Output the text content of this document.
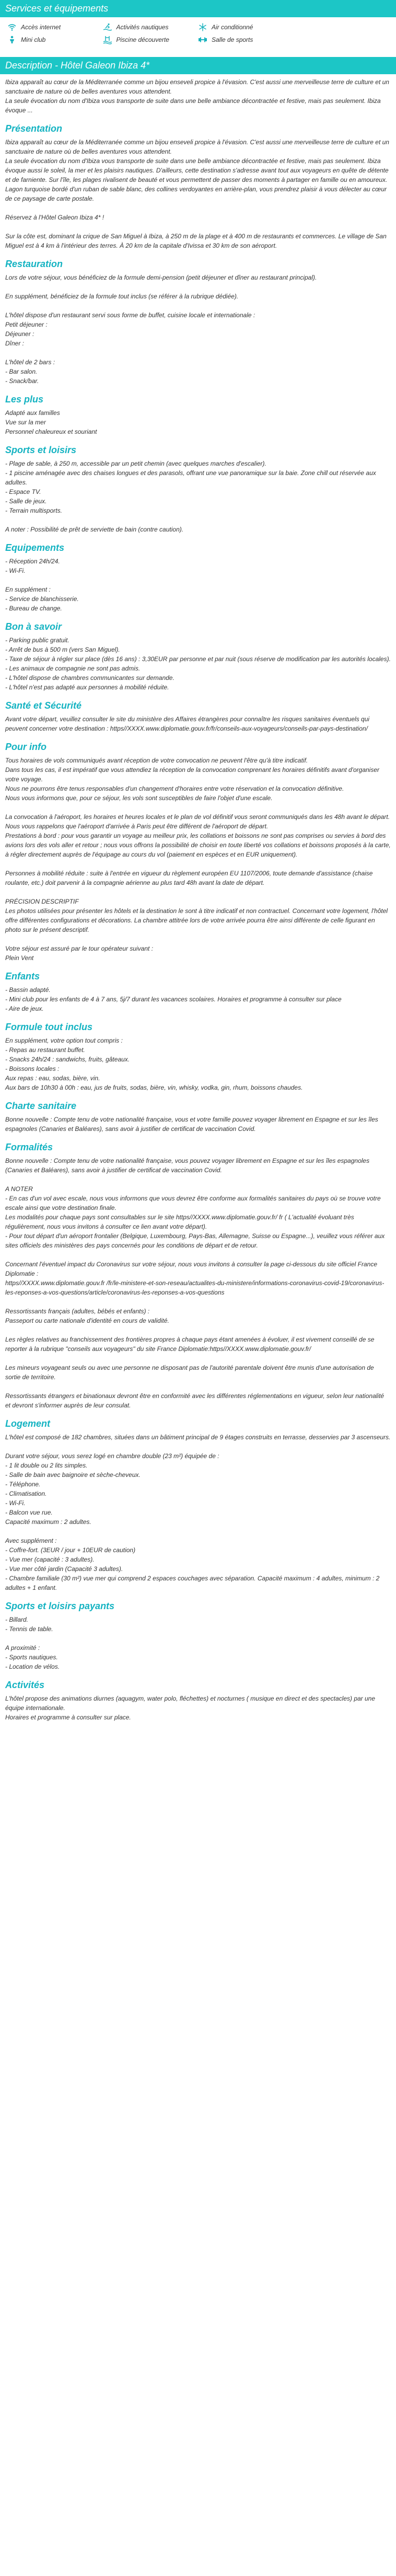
Services et équipements
Accès internet	Activités nautiques	Air conditionné
Mini club	Piscine découverte	Salle de sports
Description - Hôtel Galeon Ibiza 4*
Ibiza apparaît au cœur de la Méditerranée comme un bijou enseveli propice à l'évasion. C'est aussi une merveilleuse terre de culture et un sanctuaire de nature où de belles aventures vous attendent.
La seule évocation du nom d'Ibiza vous transporte de suite dans une belle ambiance décontractée et festive, mais pas seulement. Ibiza évoque ...
Présentation
Ibiza apparaît au cœur de la Méditerranée comme un bijou enseveli propice à l'évasion. C'est aussi une merveilleuse terre de culture et un sanctuaire de nature où de belles aventures vous attendent.
La seule évocation du nom d'Ibiza vous transporte de suite dans une belle ambiance décontractée et festive, mais pas seulement. Ibiza évoque aussi le soleil, la mer et les plaisirs nautiques. D'ailleurs, cette destination s'adresse avant tout aux voyageurs en quête de détente et de farniente. Sur l'île, les plages rivalisent de beauté et vous permettent de passer des moments à partager en famille ou en amoureux. Lagon turquoise bordé d'un ruban de sable blanc, des collines verdoyantes en arrière-plan, vous prendrez plaisir à vous délecter au cœur de ce paysage de carte postale.

Réservez à l'Hôtel Galeon Ibiza 4* !

Sur la côte est, dominant la crique de San Miguel à Ibiza, à 250 m de la plage et à 400 m de restaurants et commerces. Le village de San Miguel est à 4 km à l'intérieur des terres. À 20 km de la capitale d'Ivissa et 30 km de son aéroport.
Restauration
Lors de votre séjour, vous bénéficiez de la formule demi-pension (petit déjeuner et dîner au restaurant principal).

En supplément, bénéficiez de la formule tout inclus (se référer à la rubrique dédiée).

L'hôtel dispose d'un restaurant servi sous forme de buffet, cuisine locale et internationale :
Petit déjeuner :
Déjeuner :
Dîner :

L'hôtel de 2 bars :
- Bar salon.
- Snack/bar.
Les plus
Adapté aux familles
Vue sur la mer
Personnel chaleureux et souriant
Sports et loisirs
- Plage de sable, à 250 m, accessible par un petit chemin (avec quelques marches d'escalier).
- 1 piscine aménagée avec des chaises longues et des parasols, offrant une vue panoramique sur la baie. Zone chill out réservée aux adultes.
- Espace TV.
- Salle de jeux.
- Terrain multisports.

A noter : Possibilité de prêt de serviette de bain (contre caution).
Equipements
- Réception 24h/24.
- Wi-Fi.

En supplément :
- Service de blanchisserie.
- Bureau de change.
Bon à savoir
- Parking public gratuit.
- Arrêt de bus à 500 m (vers San Miguel).
- Taxe de séjour à régler sur place (dès 16 ans) : 3,30EUR par personne et par nuit (sous réserve de modification par les autorités locales).
- Les animaux de compagnie ne sont pas admis.
- L'hôtel dispose de chambres communicantes sur demande.
- L'hôtel n'est pas adapté aux personnes à mobilité réduite.
Santé et Sécurité
Avant votre départ, veuillez consulter le site du ministère des Affaires étrangères pour connaître les risques sanitaires éventuels qui peuvent concerner votre destination : https//XXXX.www.diplomatie.gouv.fr/fr/conseils-aux-voyageurs/conseils-par-pays-destination/
Pour info
Tous horaires de vols communiqués avant réception de votre convocation ne peuvent l'être qu'à titre indicatif.
Dans tous les cas, il est impératif que vous attendiez la réception de la convocation comprenant les horaires définitifs avant d'organiser votre voyage.
Nous ne pourrons être tenus responsables d'un changement d'horaires entre votre réservation et la convocation définitive.
Nous vous informons que, pour ce séjour, les vols sont susceptibles de faire l'objet d'une escale.

La convocation à l'aéroport, les horaires et heures locales et le plan de vol définitif vous seront communiqués dans les 48h avant le départ.
Nous vous rappelons que l'aéroport d'arrivée à Paris peut être différent de l'aéroport de départ.
Prestations à bord : pour vous garantir un voyage au meilleur prix, les collations et boissons ne sont pas comprises ou servies à bord des avions lors des vols aller et retour ; nous vous offrons la possibilité de choisir en toute liberté vos collations et boissons proposés à la carte, à régler directement auprès de l'équipage au cours du vol (paiement en espèces et en EUR uniquement).

Personnes à mobilité réduite : suite à l'entrée en vigueur du règlement européen EU 1107/2006, toute demande d'assistance (chaise roulante, etc.) doit parvenir à la compagnie aérienne au plus tard 48h avant la date de départ.

PRÉCISION DESCRIPTIF
Les photos utilisées pour présenter les hôtels et la destination le sont à titre indicatif et non contractuel. Concernant votre logement, l'hôtel offre différentes configurations et décorations. La chambre attitrée lors de votre arrivée pourra être ainsi différente de celle figurant en photo sur le présent descriptif.

Votre séjour est assuré par le tour opérateur suivant :
Plein Vent
Enfants
- Bassin adapté.
- Mini club pour les enfants de 4 à 7 ans, 5j/7 durant les vacances scolaires. Horaires et programme à consulter sur place
- Aire de jeux.
Formule tout inclus
En supplément, votre option tout compris :
- Repas au restaurant buffet.
- Snacks 24h/24 : sandwichs, fruits, gâteaux.
- Boissons locales :
Aux repas : eau, sodas, bière, vin.
Aux bars de 10h30 à 00h : eau, jus de fruits, sodas, bière, vin, whisky, vodka, gin, rhum, boissons chaudes.
Charte sanitaire
Bonne nouvelle : Compte tenu de votre nationalité française, vous et votre famille pouvez voyager librement en Espagne et sur les îles espagnoles (Canaries et Baléares), sans avoir à justifier de certificat de vaccination Covid.
Formalités
Bonne nouvelle : Compte tenu de votre nationalité française, vous pouvez voyager librement en Espagne et sur les îles espagnoles (Canaries et Baléares), sans avoir à justifier de certificat de vaccination Covid.

A NOTER
- En cas d'un vol avec escale, nous vous informons que vous devrez être conforme aux formalités sanitaires du pays où se trouve votre escale ainsi que votre destination finale.
Les modalités pour chaque pays sont consultables sur le site https//XXXX.www.diplomatie.gouv.fr/ fr ( L'actualité évoluant très régulièrement, nous vous invitons à consulter ce lien avant votre départ).
- Pour tout départ d'un aéroport frontalier (Belgique, Luxembourg, Pays-Bas, Allemagne, Suisse ou Espagne...), veuillez vous référer aux sites officiels des ministères des pays concernés pour les conditions de départ et de retour.

Concernant l'éventuel impact du Coronavirus sur votre séjour, nous vous invitons à consulter la page ci-dessous du site officiel France Diplomatie :
https//XXXX.www.diplomatie.gouv.fr /fr/le-ministere-et-son-reseau/actualites-du-ministere/informations-coronavirus-covid-19/coronavirus-les-reponses-a-vos-questions/article/coronavirus-les-reponses-a-vos-questions

Ressortissants français (adultes, bébés et enfants) :
Passeport ou carte nationale d'identité en cours de validité.

Les règles relatives au franchissement des frontières propres à chaque pays étant amenées à évoluer, il est vivement conseillé de se reporter à la rubrique "conseils aux voyageurs" du site France Diplomatie:https//XXXX.www.diplomatie.gouv.fr/

Les mineurs voyageant seuls ou avec une personne ne disposant pas de l'autorité parentale doivent être munis d'une autorisation de sortie de territoire.

Ressortissants étrangers et binationaux devront être en conformité avec les différentes réglementations en vigueur, selon leur nationalité et devront s'informer auprès de leur consulat.
Logement
L'hôtel est composé de 182 chambres, situées dans un bâtiment principal de 9 étages construits en terrasse, desservies par 3 ascenseurs.

Durant votre séjour, vous serez logé en chambre double (23 m²) équipée de :
- 1 lit double ou 2 lits simples.
- Salle de bain avec baignoire et sèche-cheveux.
- Téléphone.
- Climatisation.
- Wi-Fi.
- Balcon vue rue.
Capacité maximum : 2 adultes.

Avec supplément :
- Coffre-fort. (3EUR / jour + 10EUR de caution)
- Vue mer (capacité : 3 adultes).
- Vue mer côté jardin (Capacité 3 adultes).
- Chambre familiale (30 m²) vue mer qui comprend 2 espaces couchages avec séparation. Capacité maximum : 4 adultes, minimum : 2 adultes + 1 enfant.
Sports et loisirs payants
- Billard.
- Tennis de table.

A proximité :
- Sports nautiques.
- Location de vélos.
Activités
L'hôtel propose des animations diurnes (aquagym, water polo, fléchettes) et nocturnes ( musique en direct et des spectacles) par une équipe internationale.
Horaires et programme à consulter sur place.
